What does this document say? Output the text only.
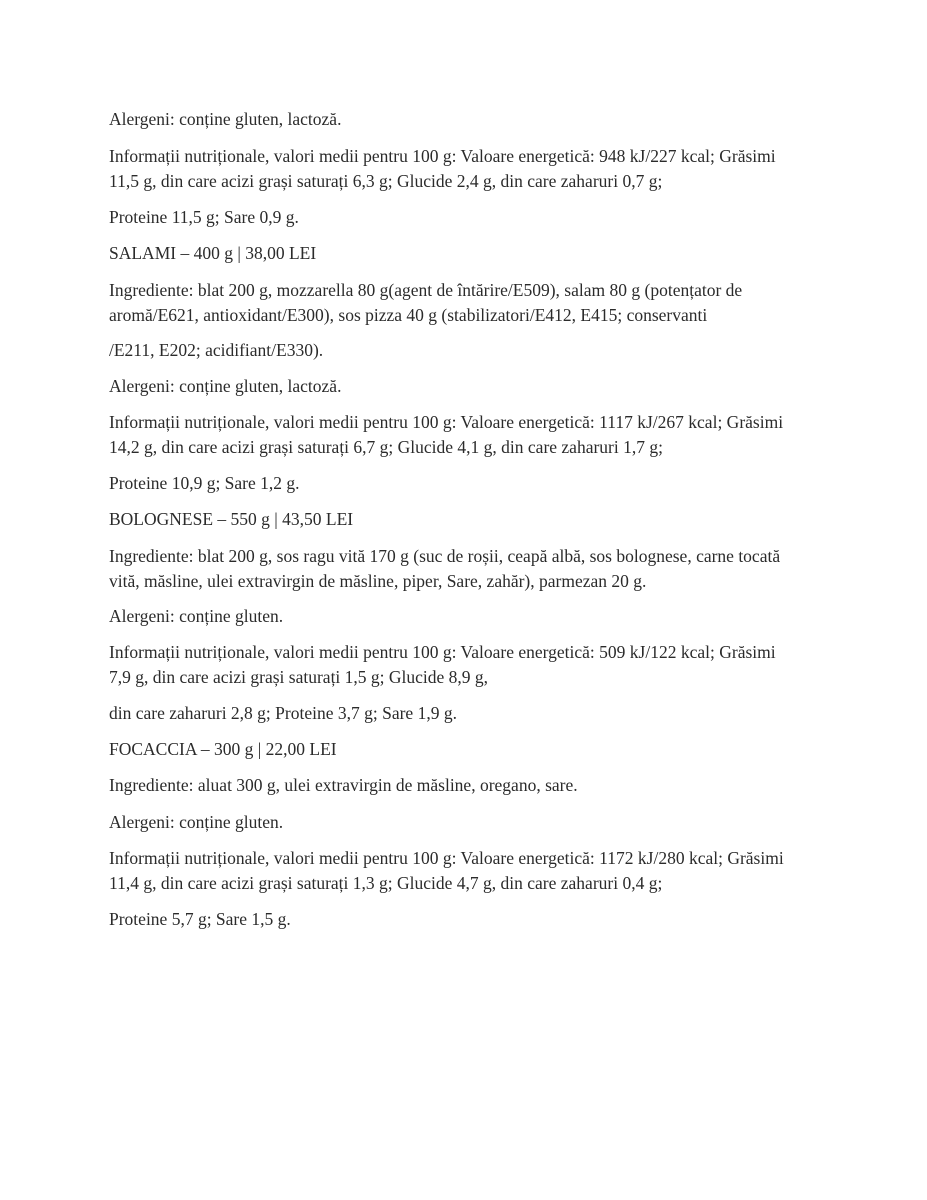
Alergeni: conține gluten, lactoză.

Informații nutriționale, valori medii pentru 100 g: Valoare energetică: 948 kJ/227 kcal; Grăsimi
11,5 g, din care acizi grași saturați 6,3 g; Glucide 2,4 g, din care zaharuri 0,7 g;

Proteine 11,5 g; Sare 0,9 g.

SALAMI – 400 g | 38,00 LEI

Ingrediente: blat 200 g, mozzarella 80 g(agent de întărire/E509), salam 80 g (potențator de
aromă/E621, antioxidant/E300), sos pizza 40 g (stabilizatori/E412, E415; conservanti

/E211, E202; acidifiant/E330).

Alergeni: conține gluten, lactoză.

Informații nutriționale, valori medii pentru 100 g: Valoare energetică: 1117 kJ/267 kcal; Grăsimi
14,2 g, din care acizi grași saturați 6,7 g; Glucide 4,1 g, din care zaharuri 1,7 g;

Proteine 10,9 g; Sare 1,2 g.

BOLOGNESE – 550 g | 43,50 LEI

Ingrediente: blat 200 g, sos ragu vită 170 g (suc de roșii, ceapă albă, sos bolognese, carne tocată
vită, măsline, ulei extravirgin de măsline, piper, Sare, zahăr), parmezan 20 g.

Alergeni: conține gluten.

Informații nutriționale, valori medii pentru 100 g: Valoare energetică: 509 kJ/122 kcal; Grăsimi
7,9 g, din care acizi grași saturați 1,5 g; Glucide 8,9 g,

din care zaharuri 2,8 g; Proteine 3,7 g; Sare 1,9 g.

FOCACCIA – 300 g | 22,00 LEI

Ingrediente: aluat 300 g, ulei extravirgin de măsline, oregano, sare.

Alergeni: conține gluten.

Informații nutriționale, valori medii pentru 100 g: Valoare energetică: 1172 kJ/280 kcal; Grăsimi
11,4 g, din care acizi grași saturați 1,3 g; Glucide 4,7 g, din care zaharuri 0,4 g;

Proteine 5,7 g; Sare 1,5 g.
